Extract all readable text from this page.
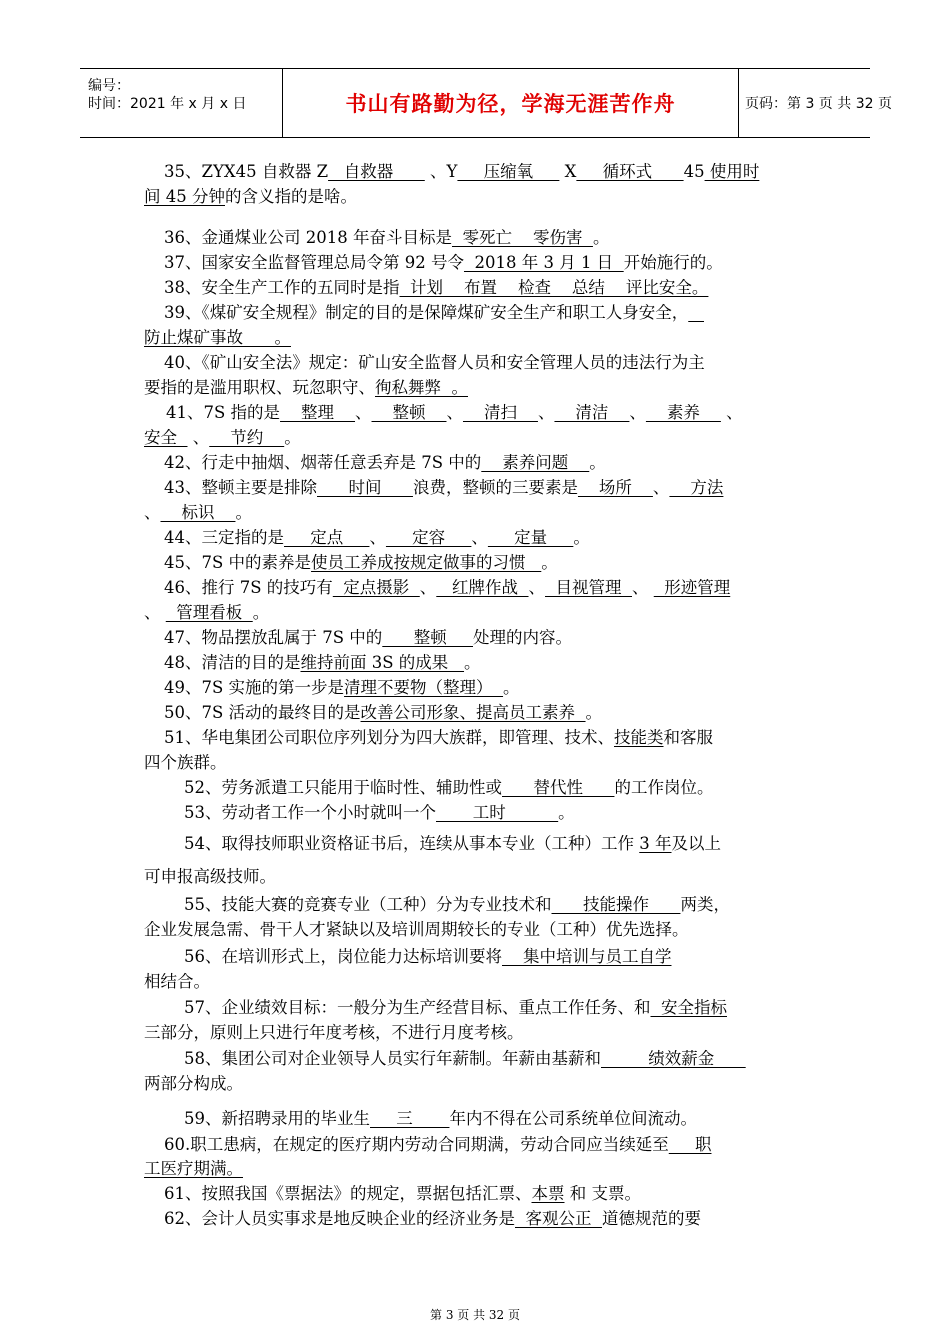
编号：
时间：2021 年 x 月 x 日	书山有路勤为径，学海无涯苦作舟	页码：第 3 页 共 32 页
35、ZYX45 自救器 Z   自救器       、Y     压缩氧      X     循环式      45 使用时
间 45 分钟的含义指的是啥。
36、金通煤业公司 2018 年奋斗目标是  零死亡    零伤害  。
37、国家安全监督管理总局令第 92 号令  2018 年 3 月 1 日  开始施行的。
38、安全生产工作的五同时是指  计划    布置    检查    总结    评比安全。
39、《煤矿安全规程》制定的目的是保障煤矿安全生产和职工人身安全，
防止煤矿事故      。
40、《矿山安全法》规定：矿山安全监督人员和安全管理人员的违法行为主
要指的是滥用职权、玩忽职守、徇私舞弊  。
41、7S 指的是    整理    、    整顿    、    清扫    、    清洁    、    素养     、
安全   、    节约    。
42、行走中抽烟、烟蒂任意丢弃是 7S 中的    素养问题    。
43、整顿主要是排除      时间      浪费，整顿的三要素是    场所    、    方法
、    标识    。
44、三定指的是     定点     、     定容     、     定量     。
45、7S 中的素养是使员工养成按规定做事的习惯   。
46、推行 7S 的技巧有  定点摄影  、   红牌作战  、  目视管理  、   形迹管理
、   管理看板  。
47、物品摆放乱属于 7S 中的      整顿     处理的内容。
48、清洁的目的是维持前面 3S 的成果   。
49、7S 实施的第一步是清理不要物（整理）  。
50、7S 活动的最终目的是改善公司形象、提高员工素养  。
51、华电集团公司职位序列划分为四大族群，即管理、技术、技能类和客服
四个族群。
52、劳务派遣工只能用于临时性、辅助性或      替代性      的工作岗位。
53、劳动者工作一个小时就叫一个       工时          。
54、取得技师职业资格证书后，连续从事本专业（工种）工作 3 年及以上
可申报高级技师。
55、技能大赛的竞赛专业（工种）分为专业技术和      技能操作      两类，
企业发展急需、骨干人才紧缺以及培训周期较长的专业（工种）优先选择。
56、在培训形式上，岗位能力达标培训要将    集中培训与员工自学
相结合。
57、企业绩效目标：一般分为生产经营目标、重点工作任务、和  安全指标
三部分，原则上只进行年度考核，不进行月度考核。
58、集团公司对企业领导人员实行年薪制。年薪由基薪和         绩效薪金
两部分构成。
59、新招聘录用的毕业生     三       年内不得在公司系统单位间流动。
60.职工患病，在规定的医疗期内劳动合同期满，劳动合同应当续延至     职
工医疗期满。
61、按照我国《票据法》的规定，票据包括汇票、本票 和 支票。
62、会计人员实事求是地反映企业的经济业务是  客观公正  道德规范的要
第 3 页 共 32 页
